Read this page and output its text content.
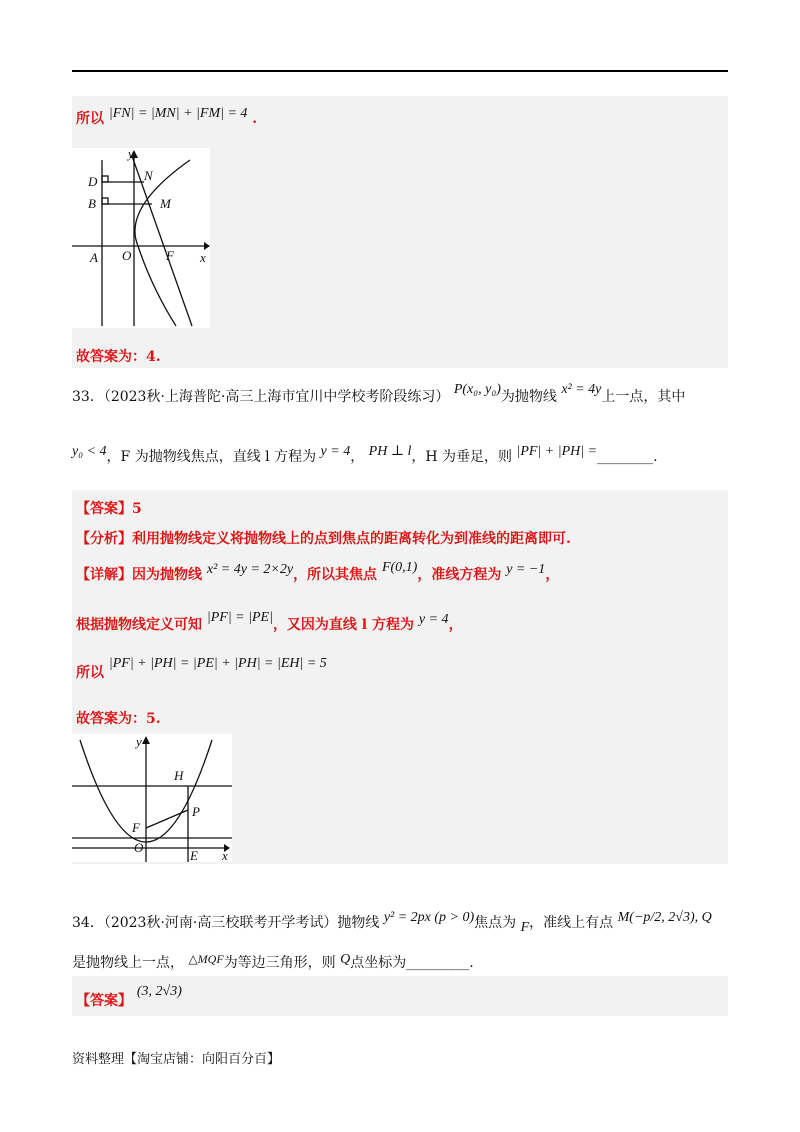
所以 |FN| = |MN| + |FM| = 4 .
y
x
D
B
N
M
A O	F
故答案为：4.
33．（2023秋·上海普陀·高三上海市宜川中学校考阶段练习） P(x₀, y₀)为抛物线 x² = 4y上一点，其中
y₀ < 4，F 为抛物线焦点，直线 l 方程为 y = 4， PH ⊥ l，H 为垂足，则 |PF| + |PH| =________.
【答案】5
【分析】利用抛物线定义将抛物线上的点到焦点的距离转化为到准线的距离即可.
【详解】因为抛物线 x² = 4y = 2×2y，所以其焦点 F(0,1)，准线方程为 y = −1，
根据抛物线定义可知 |PF| = |PE|，又因为直线 l 方程为 y = 4，
所以 |PF| + |PH| = |PE| + |PH| = |EH| = 5
故答案为：5.
y
x
H
P
F
O
E
34．（2023秋·河南·高三校联考开学考试）抛物线 y² = 2px (p > 0)焦点为 F，准线上有点 M(−p/2, 2√3), Q
是抛物线上一点， △MQF为等边三角形，则 Q点坐标为_________.
【答案】 (3, 2√3)
资料整理【淘宝店铺：向阳百分百】
